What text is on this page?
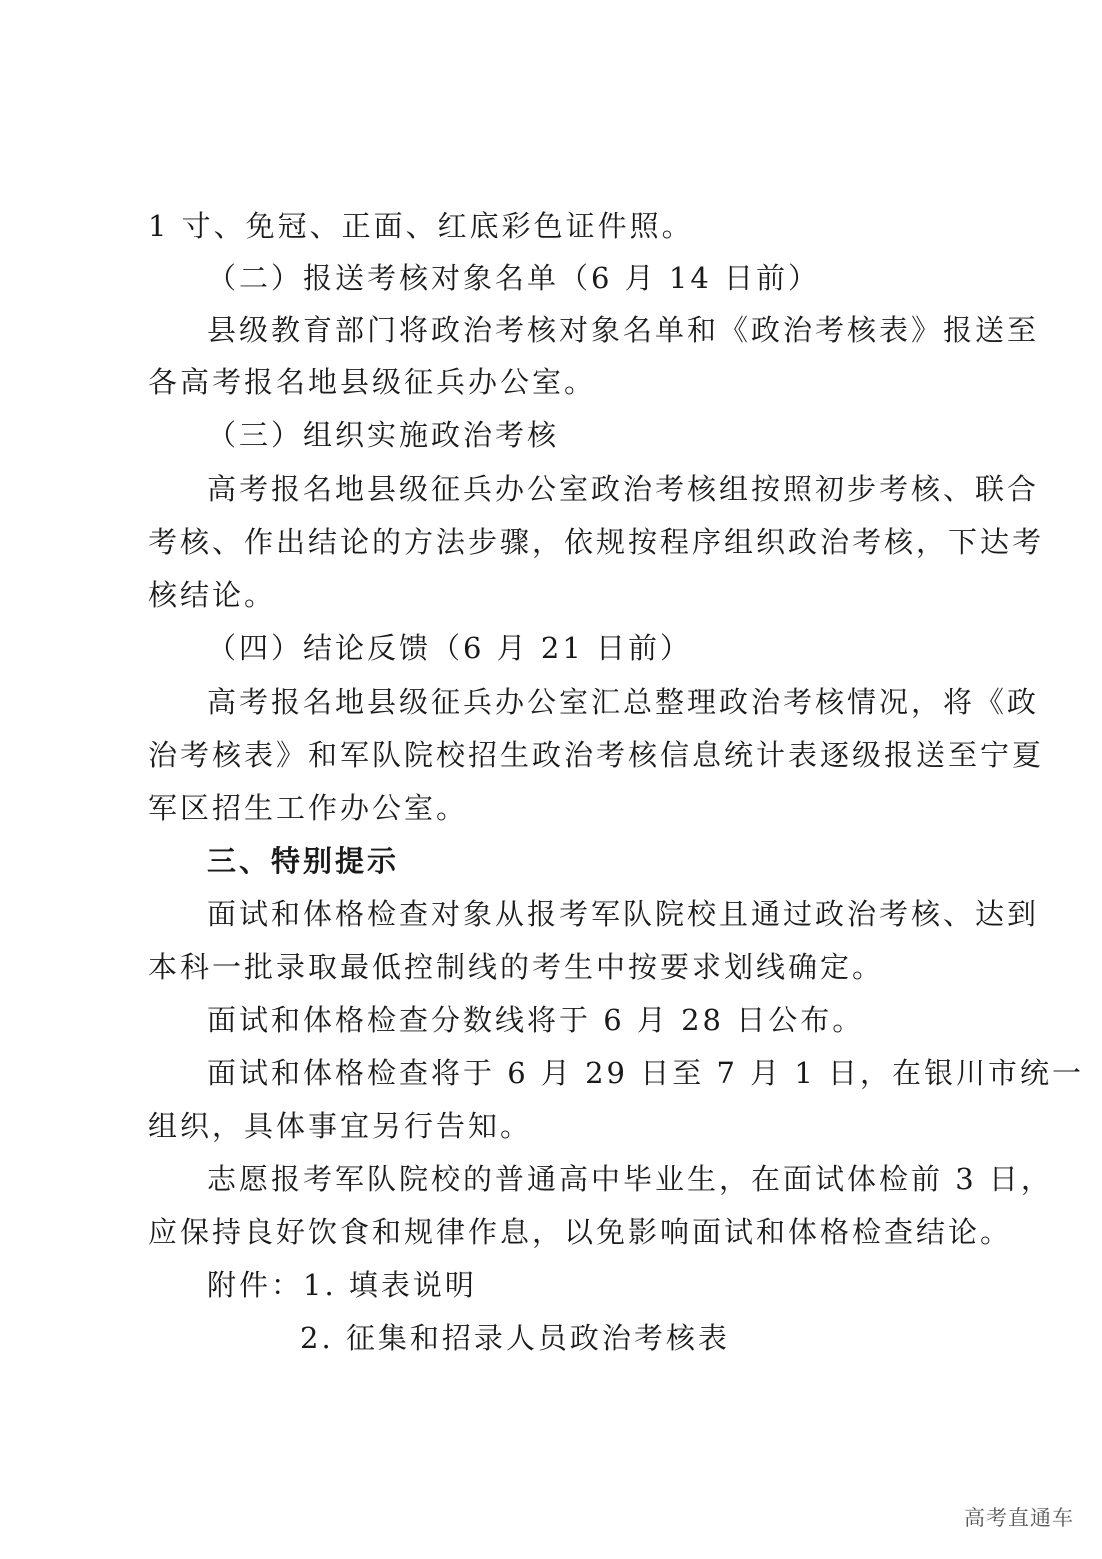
1 寸、免冠、正面、红底彩色证件照。
（二）报送考核对象名单（6 月 14 日前）
县级教育部门将政治考核对象名单和《政治考核表》报送至
各高考报名地县级征兵办公室。
（三）组织实施政治考核
高考报名地县级征兵办公室政治考核组按照初步考核、联合
考核、作出结论的方法步骤，依规按程序组织政治考核，下达考
核结论。
（四）结论反馈（6 月 21 日前）
高考报名地县级征兵办公室汇总整理政治考核情况，将《政
治考核表》和军队院校招生政治考核信息统计表逐级报送至宁夏
军区招生工作办公室。
三、特别提示
面试和体格检查对象从报考军队院校且通过政治考核、达到
本科一批录取最低控制线的考生中按要求划线确定。
面试和体格检查分数线将于 6 月 28 日公布。
面试和体格检查将于 6 月 29 日至 7 月 1 日，在银川市统一
组织，具体事宜另行告知。
志愿报考军队院校的普通高中毕业生，在面试体检前 3 日，
应保持良好饮食和规律作息，以免影响面试和体格检查结论。
附件：1. 填表说明
2. 征集和招录人员政治考核表
高考直通车
